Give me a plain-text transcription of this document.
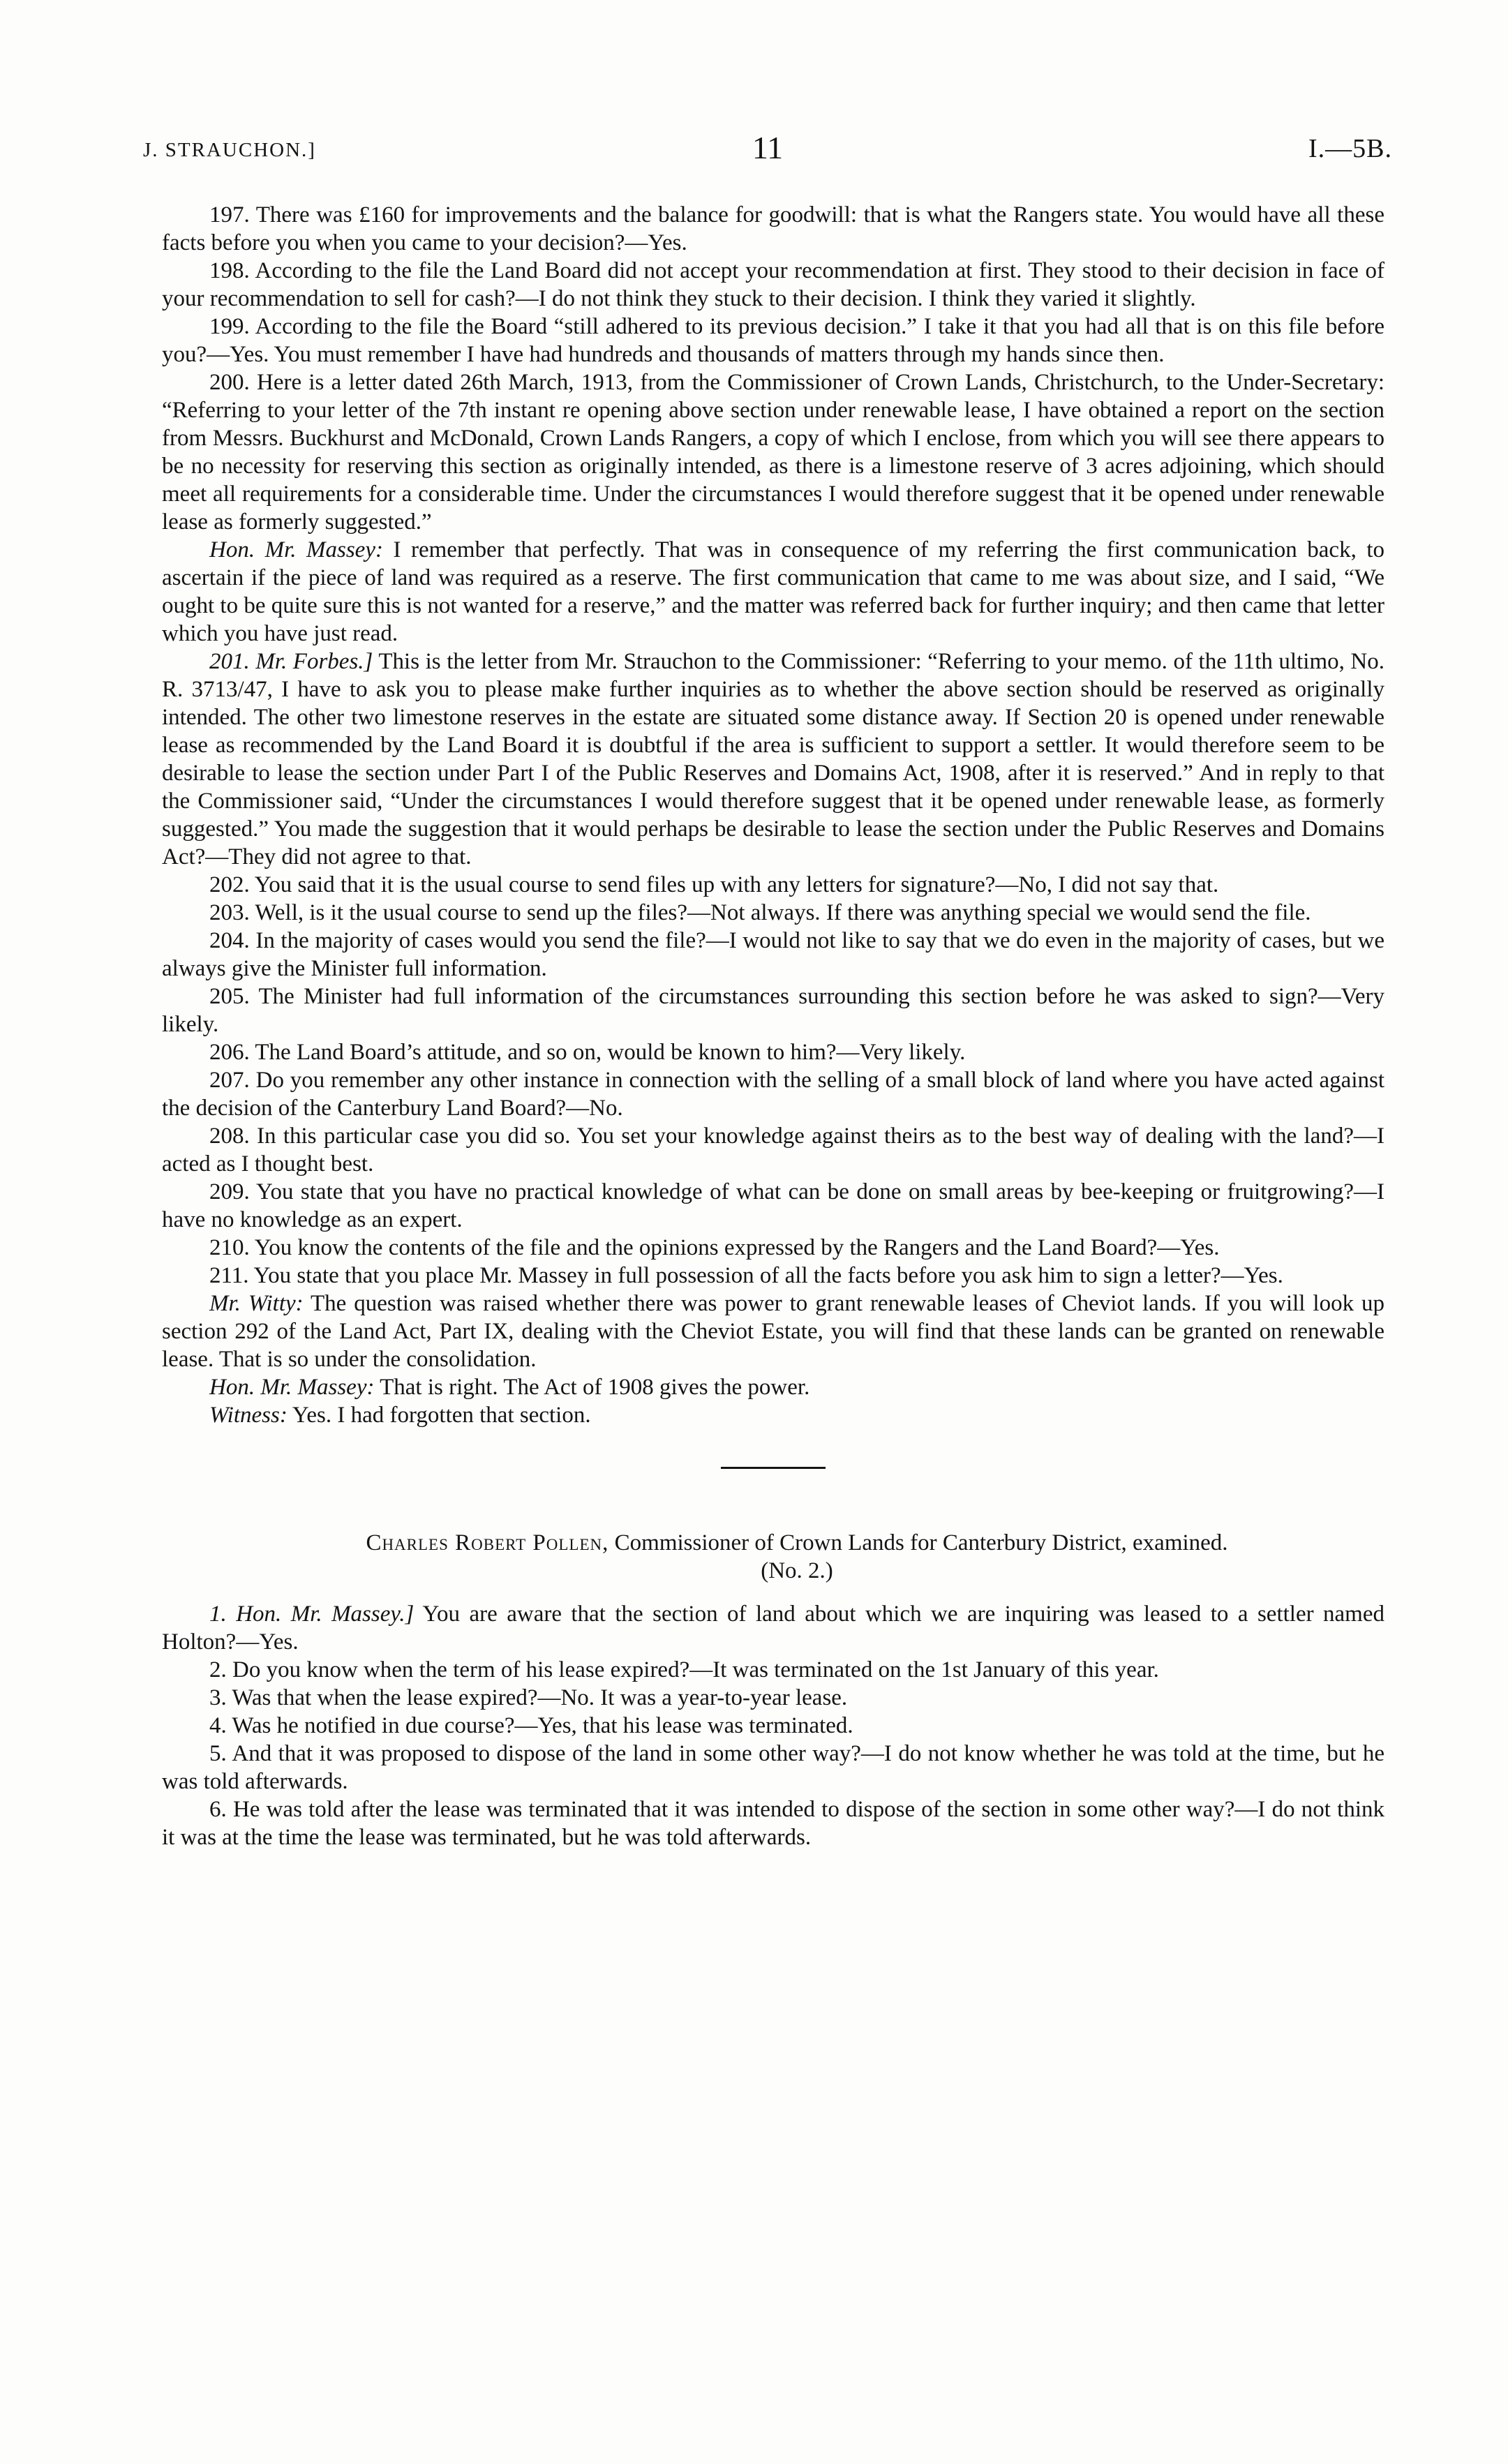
J. STRAUCHON.]	11	I.—5B.

197. There was £160 for improvements and the balance for goodwill: that is what the Rangers state. You would have all these facts before you when you came to your decision?—Yes.

198. According to the file the Land Board did not accept your recommendation at first. They stood to their decision in face of your recommendation to sell for cash?—I do not think they stuck to their decision. I think they varied it slightly.

199. According to the file the Board “still adhered to its previous decision.” I take it that you had all that is on this file before you?—Yes. You must remember I have had hundreds and thousands of matters through my hands since then.

200. Here is a letter dated 26th March, 1913, from the Commissioner of Crown Lands, Christchurch, to the Under-Secretary: “Referring to your letter of the 7th instant re opening above section under renewable lease, I have obtained a report on the section from Messrs. Buckhurst and McDonald, Crown Lands Rangers, a copy of which I enclose, from which you will see there appears to be no necessity for reserving this section as originally intended, as there is a limestone reserve of 3 acres adjoining, which should meet all requirements for a considerable time. Under the circumstances I would therefore suggest that it be opened under renewable lease as formerly suggested.”

Hon. Mr. Massey: I remember that perfectly. That was in consequence of my referring the first communication back, to ascertain if the piece of land was required as a reserve. The first communication that came to me was about size, and I said, “We ought to be quite sure this is not wanted for a reserve,” and the matter was referred back for further inquiry; and then came that letter which you have just read.

201. Mr. Forbes.] This is the letter from Mr. Strauchon to the Commissioner: “Referring to your memo. of the 11th ultimo, No. R. 3713/47, I have to ask you to please make further inquiries as to whether the above section should be reserved as originally intended. The other two limestone reserves in the estate are situated some distance away. If Section 20 is opened under renewable lease as recommended by the Land Board it is doubtful if the area is sufficient to support a settler. It would therefore seem to be desirable to lease the section under Part I of the Public Reserves and Domains Act, 1908, after it is reserved.” And in reply to that the Commissioner said, “Under the circumstances I would therefore suggest that it be opened under renewable lease, as formerly suggested.” You made the suggestion that it would perhaps be desirable to lease the section under the Public Reserves and Domains Act?—They did not agree to that.

202. You said that it is the usual course to send files up with any letters for signature?—No, I did not say that.

203. Well, is it the usual course to send up the files?—Not always. If there was anything special we would send the file.

204. In the majority of cases would you send the file?—I would not like to say that we do even in the majority of cases, but we always give the Minister full information.

205. The Minister had full information of the circumstances surrounding this section before he was asked to sign?—Very likely.

206. The Land Board’s attitude, and so on, would be known to him?—Very likely.

207. Do you remember any other instance in connection with the selling of a small block of land where you have acted against the decision of the Canterbury Land Board?—No.

208. In this particular case you did so. You set your knowledge against theirs as to the best way of dealing with the land?—I acted as I thought best.

209. You state that you have no practical knowledge of what can be done on small areas by bee-keeping or fruitgrowing?—I have no knowledge as an expert.

210. You know the contents of the file and the opinions expressed by the Rangers and the Land Board?—Yes.

211. You state that you place Mr. Massey in full possession of all the facts before you ask him to sign a letter?—Yes.

Mr. Witty: The question was raised whether there was power to grant renewable leases of Cheviot lands. If you will look up section 292 of the Land Act, Part IX, dealing with the Cheviot Estate, you will find that these lands can be granted on renewable lease. That is so under the consolidation.

Hon. Mr. Massey: That is right. The Act of 1908 gives the power.

Witness: Yes. I had forgotten that section.

Charles Robert Pollen, Commissioner of Crown Lands for Canterbury District, examined.

(No. 2.)

1. Hon. Mr. Massey.] You are aware that the section of land about which we are inquiring was leased to a settler named Holton?—Yes.

2. Do you know when the term of his lease expired?—It was terminated on the 1st January of this year.

3. Was that when the lease expired?—No. It was a year-to-year lease.

4. Was he notified in due course?—Yes, that his lease was terminated.

5. And that it was proposed to dispose of the land in some other way?—I do not know whether he was told at the time, but he was told afterwards.

6. He was told after the lease was terminated that it was intended to dispose of the section in some other way?—I do not think it was at the time the lease was terminated, but he was told afterwards.
